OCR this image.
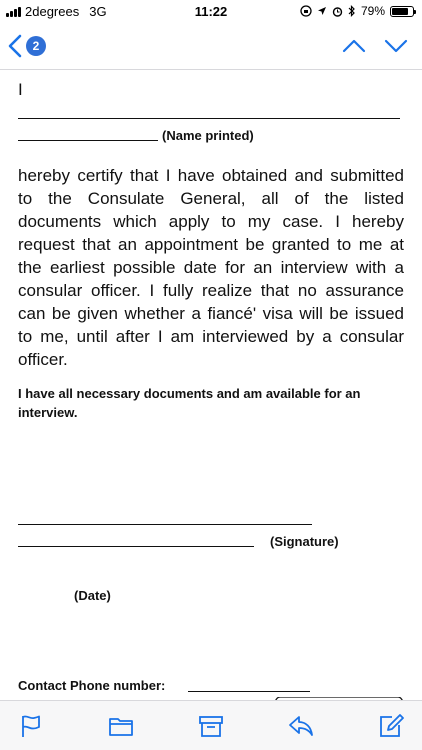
2degrees 3G	11:22	79%
2
I
(Name printed)
hereby certify that I have obtained and submitted to the Consulate General, all of the listed documents which apply to my case. I hereby request that an appointment be granted to me at the earliest possible date for an interview with a consular officer. I fully realize that no assurance can be given whether a fiancé' visa will be issued to me, until after I am interviewed by a consular officer.
I have all necessary documents and am available for an interview.
(Signature)
(Date)
Contact Phone number:
